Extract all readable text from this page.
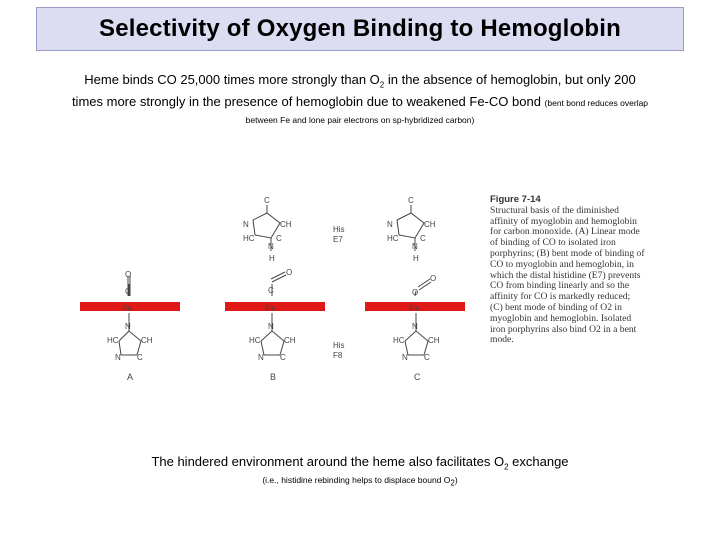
Selectivity of Oxygen Binding to Hemoglobin
Heme binds CO 25,000 times more strongly than $O_2$ in the absence of hemoglobin, but only 200 times more strongly in the presence of hemoglobin due to weakened Fe-CO bond (bent bond reduces overlap between Fe and lone pair electrons on sp-hybridized carbon)
O
C
Fe
N
HC	CH
N C
A
C
N	CH
HC	C
N
H
O
C
Fe
N
HC	CH
N C
B
His
E7
His
F8
C
N	CH
HC	C
N
H
O
O
Fe
N
HC	CH
N C
C
Figure 7-14
Structural basis of the diminished affinity of myoglobin and hemoglobin for carbon monoxide. (A) Linear mode of binding of CO to isolated iron porphyrins; (B) bent mode of binding of CO to myoglobin and hemoglobin, in which the distal histidine (E7) prevents CO from binding linearly and so the affinity for CO is markedly reduced; (C) bent mode of binding of O2 in myoglobin and hemoglobin. Isolated iron porphyrins also bind O2 in a bent mode.
The hindered environment around the heme also facilitates $O_2$ exchange
(i.e., histidine rebinding helps to displace bound $O_2$)
